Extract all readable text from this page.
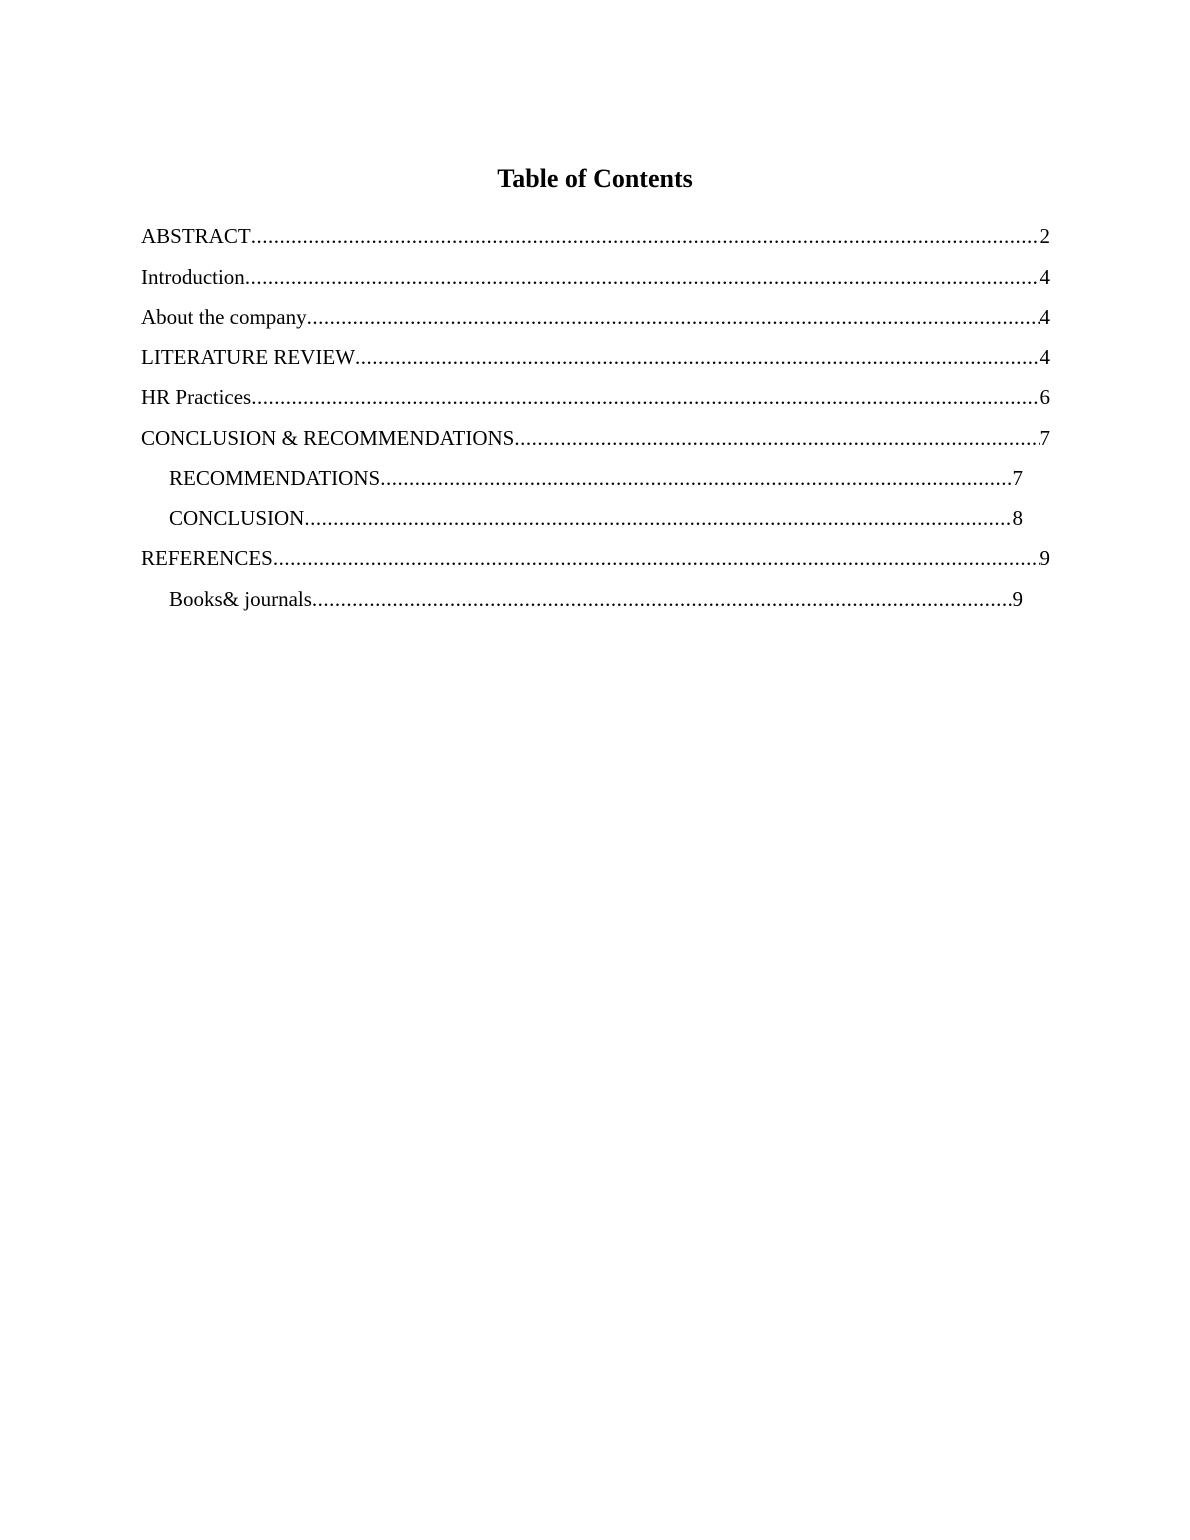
Table of Contents
ABSTRACT .....	2
Introduction .....	4
About the company .....	4
LITERATURE REVIEW .....	4
HR Practices .....	6
CONCLUSION & RECOMMENDATIONS .....	7
RECOMMENDATIONS .....	7
CONCLUSION .....	8
REFERENCES .....	9
Books& journals .....	9
